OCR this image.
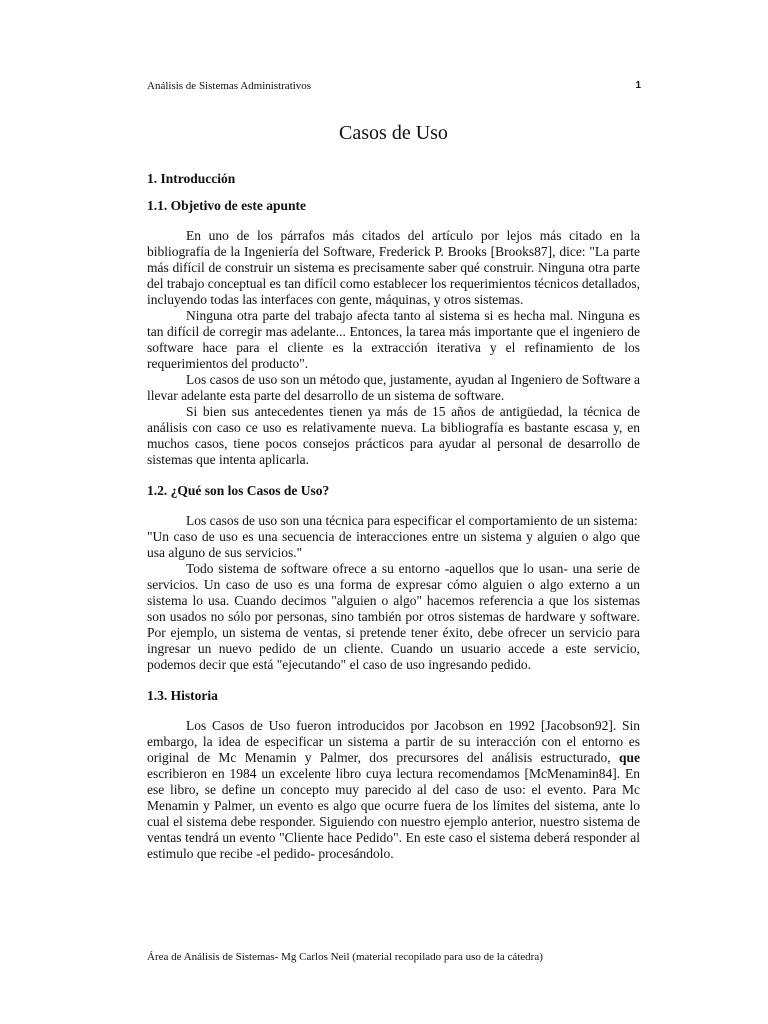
Análisis de Sistemas Administrativos	1
Casos de Uso
1. Introducción
1.1. Objetivo de este apunte

En uno de los párrafos más citados del artículo por lejos más citado en la bibliografía de la Ingeniería del Software, Frederick P. Brooks [Brooks87], dice: "La parte más difícil de construir un sistema es precisamente saber qué construir. Ninguna otra parte del trabajo conceptual es tan difícil como establecer los requerimientos técnicos detallados, incluyendo todas las interfaces con gente, máquinas, y otros sistemas.

Ninguna otra parte del trabajo afecta tanto al sistema si es hecha mal. Ninguna es tan difícil de corregir mas adelante... Entonces, la tarea más importante que el ingeniero de software hace para el cliente es la extracción iterativa y el refinamiento de los requerimientos del producto".

Los casos de uso son un método que, justamente, ayudan al Ingeniero de Software a llevar adelante esta parte del desarrollo de un sistema de software.

Si bien sus antecedentes tienen ya más de 15 años de antigüedad, la técnica de análisis con caso ce uso es relativamente nueva. La bibliografía es bastante escasa y, en muchos casos, tiene pocos consejos prácticos para ayudar al personal de desarrollo de sistemas que intenta aplicarla.

1.2. ¿Qué son los Casos de Uso?

Los casos de uso son una técnica para especificar el comportamiento de un sistema:

"Un caso de uso es una secuencia de interacciones entre un sistema y alguien o algo que usa alguno de sus servicios."

Todo sistema de software ofrece a su entorno -aquellos que lo usan- una serie de servicios. Un caso de uso es una forma de expresar cómo alguien o algo externo a un sistema lo usa. Cuando decimos "alguien o algo" hacemos referencia a que los sistemas son usados no sólo por personas, sino también por otros sistemas de hardware y software. Por ejemplo, un sistema de ventas, si pretende tener éxito, debe ofrecer un servicio para ingresar un nuevo pedido de un cliente. Cuando un usuario accede a este servicio, podemos decir que está "ejecutando" el caso de uso ingresando pedido.

1.3. Historia

Los Casos de Uso fueron introducidos por Jacobson en 1992 [Jacobson92]. Sin embargo, la idea de especificar un sistema a partir de su interacción con el entorno es original de Mc Menamin y Palmer, dos precursores del análisis estructurado, que escribieron en 1984 un excelente libro cuya lectura recomendamos [McMenamin84]. En ese libro, se define un concepto muy parecido al del caso de uso: el evento. Para Mc Menamin y Palmer, un evento es algo que ocurre fuera de los límites del sistema, ante lo cual el sistema debe responder. Siguiendo con nuestro ejemplo anterior, nuestro sistema de ventas tendrá un evento "Cliente hace Pedido". En este caso el sistema deberá responder al estimulo que recibe -el pedido- procesándolo.

Área de Análisis de Sistemas- Mg Carlos Neil (material recopilado para uso de la cátedra)
